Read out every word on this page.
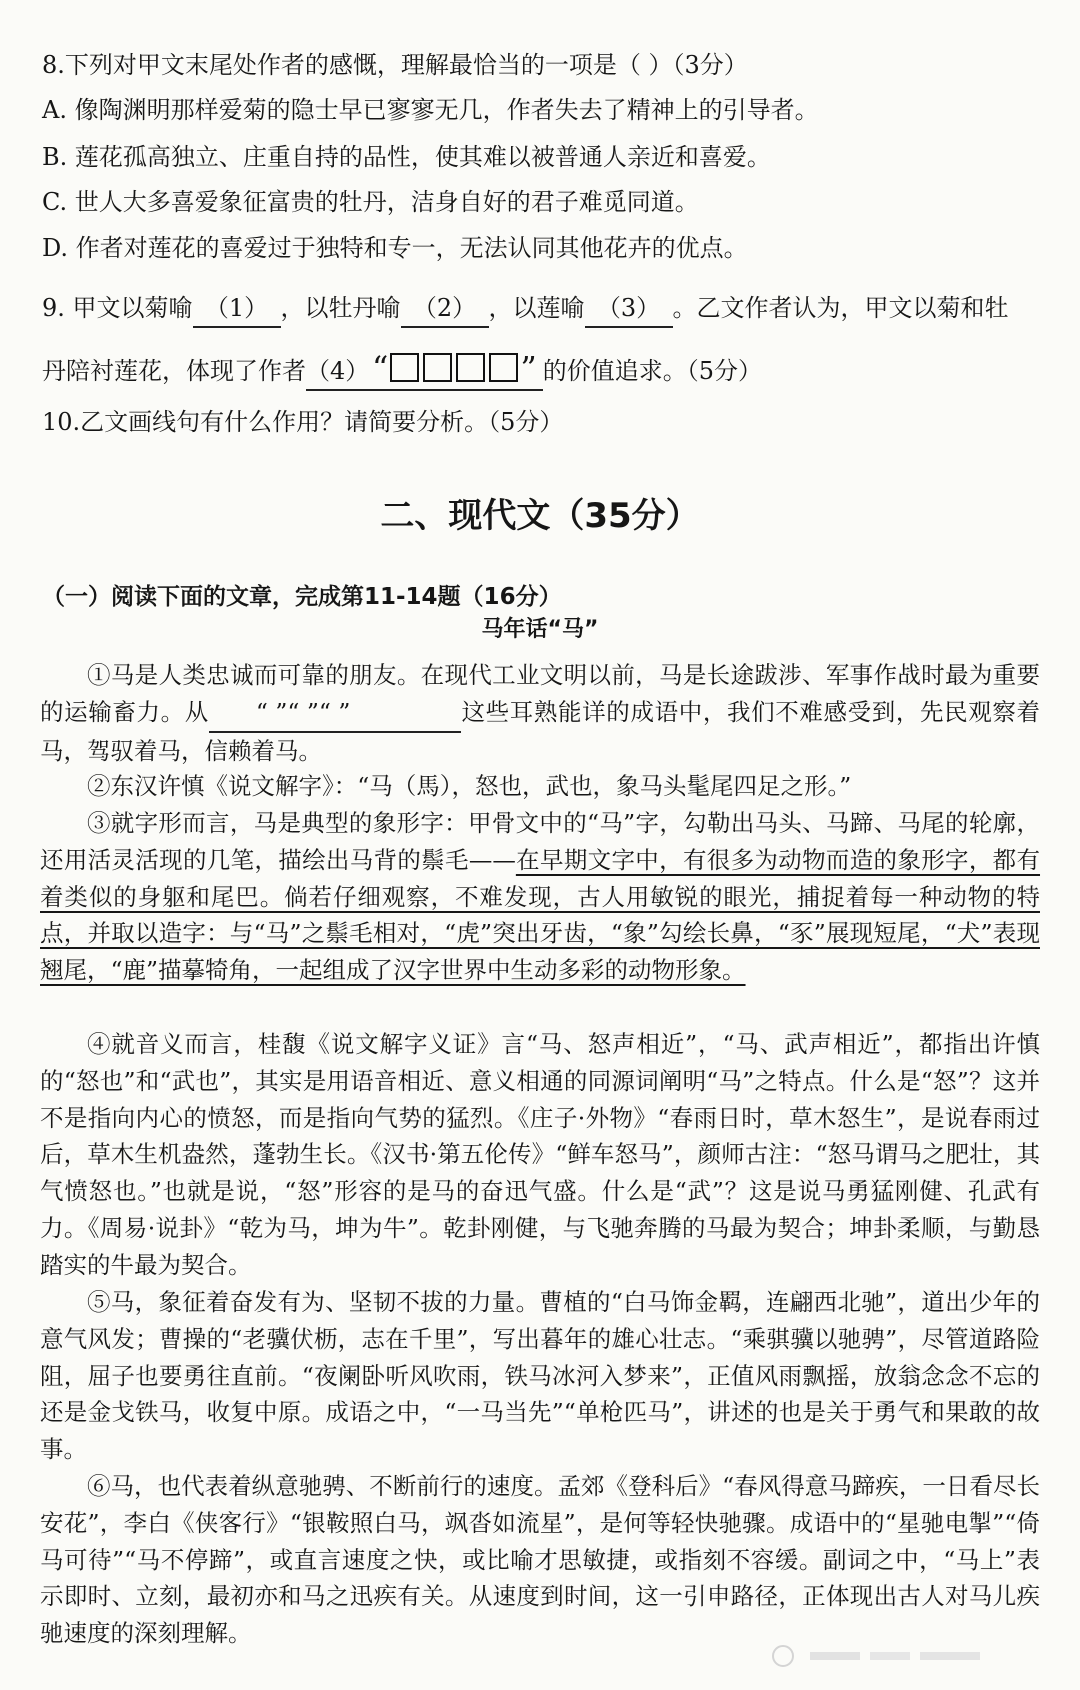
8.下列对甲文末尾处作者的感慨，理解最恰当的一项是（ ）（3分）
A. 像陶渊明那样爱菊的隐士早已寥寥无几，作者失去了精神上的引导者。
B. 莲花孤高独立、庄重自持的品性，使其难以被普通人亲近和喜爱。
C. 世人大多喜爱象征富贵的牡丹，洁身自好的君子难觅同道。
D. 作者对莲花的喜爱过于独特和专一，无法认同其他花卉的优点。
9. 甲文以菊喻 （1） ，以牡丹喻 （2） ，以莲喻 （3） 。乙文作者认为，甲文以菊和牡
丹陪衬莲花，体现了作者（4）“	” 的价值追求。（5分）
10.乙文画线句有什么作用？请简要分析。（5分）
二、现代文（35分）
（一）阅读下面的文章，完成第11-14题（16分）
马年话“马”
①马是人类忠诚而可靠的朋友。在现代工业文明以前，马是长途跋涉、军事作战时最为重要的运输畜力。从 “ ”“ ”“ ”	这些耳熟能详的成语中，我们不难感受到，先民观察着马，驾驭着马，信赖着马。
②东汉许慎《说文解字》：“马（馬），怒也，武也，象马头髦尾四足之形。”
③就字形而言，马是典型的象形字：甲骨文中的“马”字，勾勒出马头、马蹄、马尾的轮廓，还用活灵活现的几笔，描绘出马背的鬃毛——在早期文字中，有很多为动物而造的象形字，都有着类似的身躯和尾巴。倘若仔细观察，不难发现，古人用敏锐的眼光，捕捉着每一种动物的特点，并取以造字：与“马”之鬃毛相对，“虎”突出牙齿，“象”勾绘长鼻，“豕”展现短尾，“犬”表现翘尾，“鹿”描摹犄角，一起组成了汉字世界中生动多彩的动物形象。
④就音义而言，桂馥《说文解字义证》言“马、怒声相近”，“马、武声相近”，都指出许慎的“怒也”和“武也”，其实是用语音相近、意义相通的同源词阐明“马”之特点。什么是“怒”？这并不是指向内心的愤怒，而是指向气势的猛烈。《庄子·外物》“春雨日时，草木怒生”，是说春雨过后，草木生机盎然，蓬勃生长。《汉书·第五伦传》“鲜车怒马”，颜师古注：“怒马谓马之肥壮，其气愤怒也。”也就是说，“怒”形容的是马的奋迅气盛。什么是“武”？这是说马勇猛刚健、孔武有力。《周易·说卦》“乾为马，坤为牛”。乾卦刚健，与飞驰奔腾的马最为契合；坤卦柔顺，与勤恳踏实的牛最为契合。
⑤马，象征着奋发有为、坚韧不拔的力量。曹植的“白马饰金羁，连翩西北驰”，道出少年的意气风发；曹操的“老骥伏枥，志在千里”，写出暮年的雄心壮志。“乘骐骥以驰骋”，尽管道路险阻，屈子也要勇往直前。“夜阑卧听风吹雨，铁马冰河入梦来”，正值风雨飘摇，放翁念念不忘的还是金戈铁马，收复中原。成语之中，“一马当先”“单枪匹马”，讲述的也是关于勇气和果敢的故事。
⑥马，也代表着纵意驰骋、不断前行的速度。孟郊《登科后》“春风得意马蹄疾，一日看尽长安花”，李白《侠客行》“银鞍照白马，飒沓如流星”，是何等轻快驰骤。成语中的“星驰电掣”“倚马可待”“马不停蹄”，或直言速度之快，或比喻才思敏捷，或指刻不容缓。副词之中，“马上”表示即时、立刻，最初亦和马之迅疾有关。从速度到时间，这一引申路径，正体现出古人对马儿疾驰速度的深刻理解。
